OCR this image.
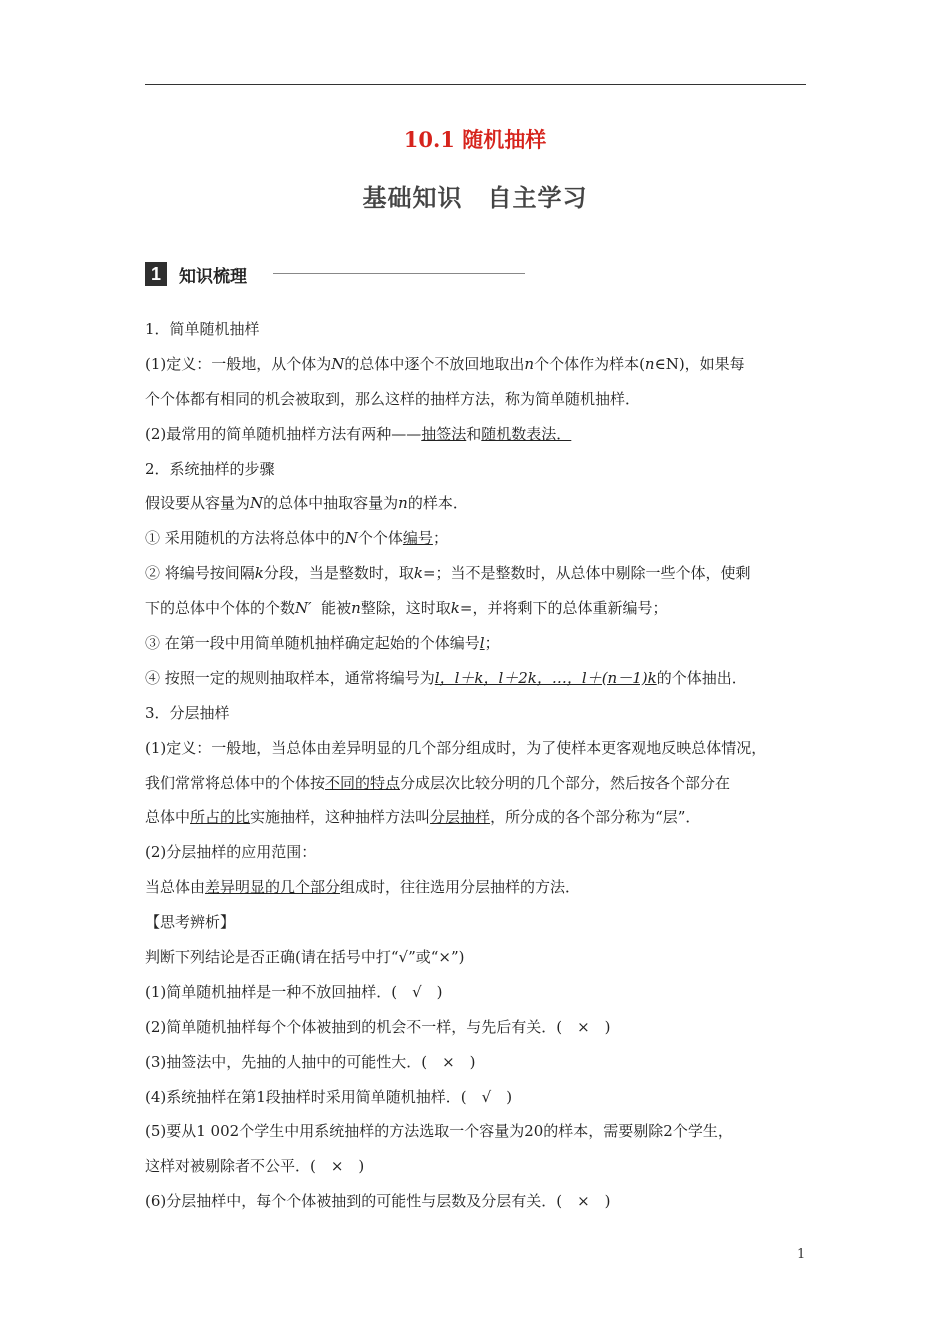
10.1 随机抽样
基础知识　自主学习
1	知识梳理
1．简单随机抽样
(1)定义：一般地，从个体为N的总体中逐个不放回地取出n个个体作为样本(n∈N)，如果每
个个体都有相同的机会被取到，那么这样的抽样方法，称为简单随机抽样．
(2)最常用的简单随机抽样方法有两种——抽签法和随机数表法．
2．系统抽样的步骤
假设要从容量为N的总体中抽取容量为n的样本．
① 采用随机的方法将总体中的N个个体编号；
② 将编号按间隔k分段，当是整数时，取k=；当不是整数时，从总体中剔除一些个体，使剩
下的总体中个体的个数N′ 能被n整除，这时取k=，并将剩下的总体重新编号；
③ 在第一段中用简单随机抽样确定起始的个体编号l；
④ 按照一定的规则抽取样本，通常将编号为l，l＋k，l＋2k，…，l＋(n－1)k的个体抽出．
3．分层抽样
(1)定义：一般地，当总体由差异明显的几个部分组成时，为了使样本更客观地反映总体情况，
我们常常将总体中的个体按不同的特点分成层次比较分明的几个部分，然后按各个部分在
总体中所占的比实施抽样，这种抽样方法叫分层抽样，所分成的各个部分称为“层”．
(2)分层抽样的应用范围：
当总体由差异明显的几个部分组成时，往往选用分层抽样的方法．
【思考辨析】
判断下列结论是否正确(请在括号中打“√”或“×”)
(1)简单随机抽样是一种不放回抽样．(　√　)
(2)简单随机抽样每个个体被抽到的机会不一样，与先后有关．(　×　)
(3)抽签法中，先抽的人抽中的可能性大．(　×　)
(4)系统抽样在第1段抽样时采用简单随机抽样．(　√　)
(5)要从1 002个学生中用系统抽样的方法选取一个容量为20的样本，需要剔除2个学生，
这样对被剔除者不公平．(　×　)
(6)分层抽样中，每个个体被抽到的可能性与层数及分层有关．(　×　)
1
